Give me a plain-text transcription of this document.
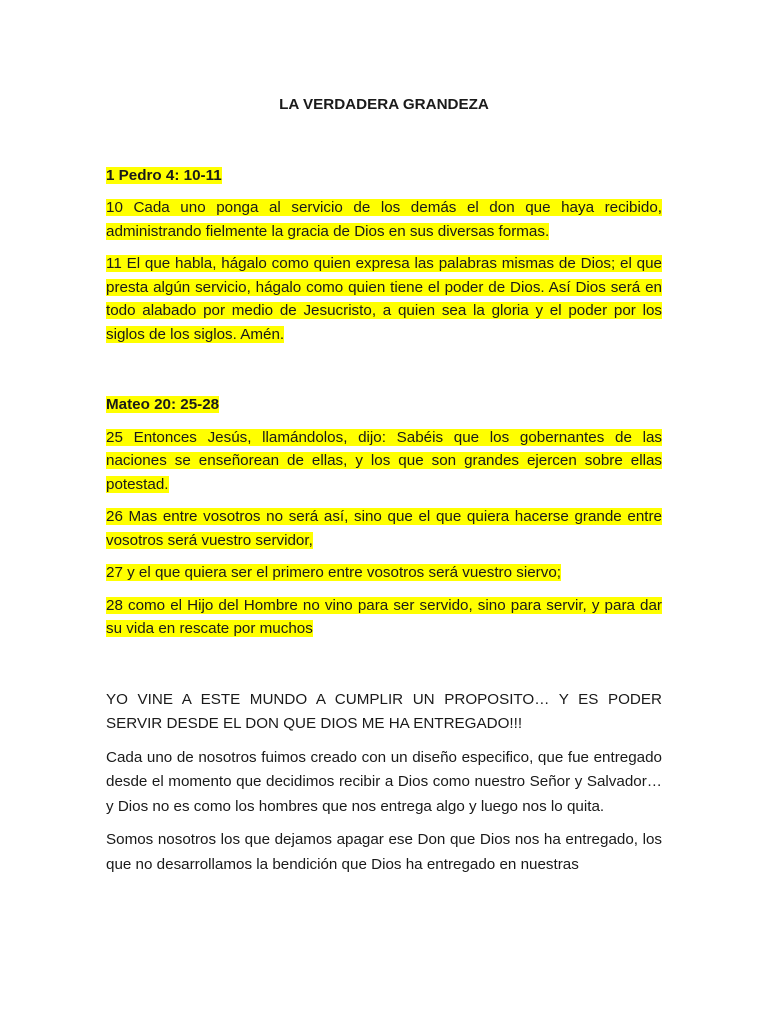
LA VERDADERA GRANDEZA

1 Pedro 4: 10-11

10 Cada uno ponga al servicio de los demás el don que haya recibido, administrando fielmente la gracia de Dios en sus diversas formas.

11 El que habla, hágalo como quien expresa las palabras mismas de Dios; el que presta algún servicio, hágalo como quien tiene el poder de Dios. Así Dios será en todo alabado por medio de Jesucristo, a quien sea la gloria y el poder por los siglos de los siglos. Amén.

Mateo 20: 25-28

25 Entonces Jesús, llamándolos, dijo: Sabéis que los gobernantes de las naciones se enseñorean de ellas, y los que son grandes ejercen sobre ellas potestad.

26 Mas entre vosotros no será así, sino que el que quiera hacerse grande entre vosotros será vuestro servidor,

27 y el que quiera ser el primero entre vosotros será vuestro siervo;

28 como el Hijo del Hombre no vino para ser servido, sino para servir, y para dar su vida en rescate por muchos

YO VINE A ESTE MUNDO A CUMPLIR UN PROPOSITO… Y ES PODER SERVIR DESDE EL DON QUE DIOS ME HA ENTREGADO!!!

Cada uno de nosotros fuimos creado con un diseño especifico, que fue entregado desde el momento que decidimos recibir a Dios como nuestro Señor y Salvador… y Dios no es como los hombres que nos entrega algo y luego nos lo quita.

Somos nosotros los que dejamos apagar ese Don que Dios nos ha entregado, los que no desarrollamos la bendición que Dios ha entregado en nuestras
